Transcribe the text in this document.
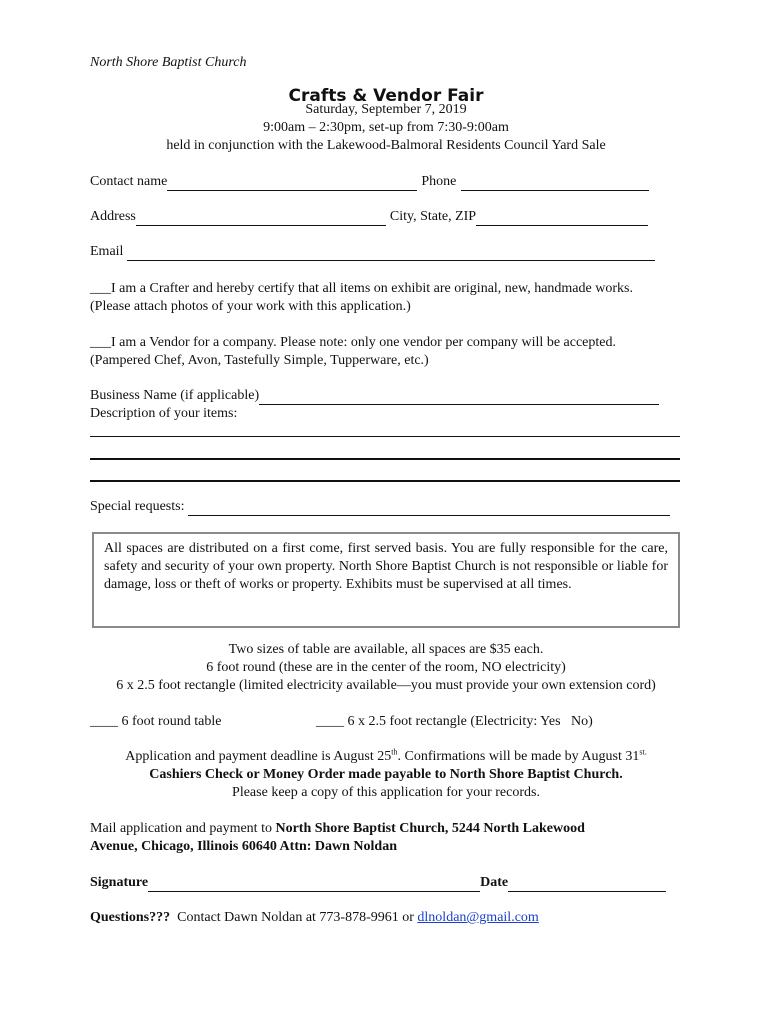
North Shore Baptist Church

Crafts & Vendor Fair

Saturday, September 7, 2019

9:00am – 2:30pm, set-up from 7:30-9:00am

held in conjunction with the Lakewood-Balmoral Residents Council Yard Sale

Contact name	Phone
Address	City, State, ZIP
Email

___I am a Crafter and hereby certify that all items on exhibit are original, new, handmade works.

(Please attach photos of your work with this application.)

___I am a Vendor for a company. Please note: only one vendor per company will be accepted.

(Pampered Chef, Avon, Tastefully Simple, Tupperware, etc.)

Business Name (if applicable)
Description of your items:
Special requests:
All spaces are distributed on a first come, first served basis. You are fully responsible for the care, safety and security of your own property. North Shore Baptist Church is not responsible or liable for damage, loss or theft of works or property. Exhibits must be supervised at all times.

Two sizes of table are available, all spaces are $35 each.

6 foot round (these are in the center of the room, NO electricity)

6 x 2.5 foot rectangle (limited electricity available—you must provide your own extension cord)

____ 6 foot round table	____ 6 x 2.5 foot rectangle (Electricity: Yes   No)

Application and payment deadline is August 25th. Confirmations will be made by August $31^{st.}$

Cashiers Check or Money Order made payable to North Shore Baptist Church.

Please keep a copy of this application for your records.

Mail application and payment to North Shore Baptist Church, 5244 North Lakewood

Avenue, Chicago, Illinois 60640 Attn: Dawn Noldan

Signature	Date
Questions???  Contact Dawn Noldan at 773-878-9961 or dlnoldan@gmail.com
